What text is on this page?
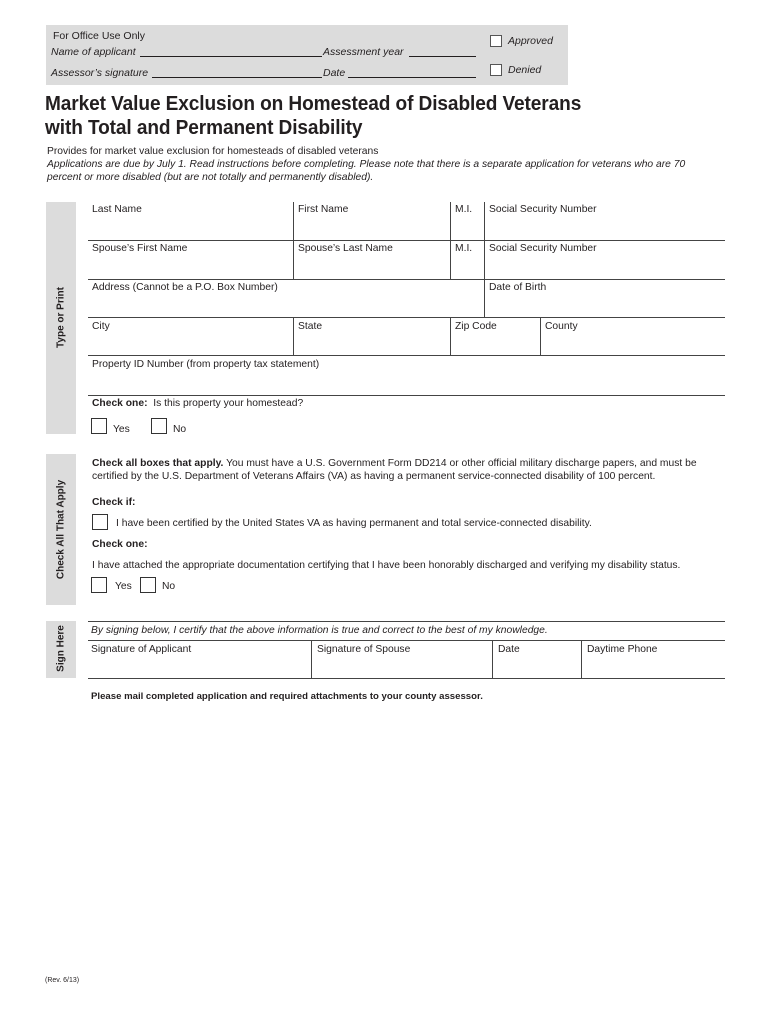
For Office Use Only
Name of applicant	Assessment year
Assessor’s signature	Date
Approved
Denied
Market Value Exclusion on Homestead of Disabled Veterans
with Total and Permanent Disability
Provides for market value exclusion for homesteads of disabled veterans
Applications are due by July 1. Read instructions before completing. Please note that there is a separate application for veterans who are 70
percent or more disabled (but are not totally and permanently disabled).
Type or Print
Last Name	First Name	M.I. Social Security Number
Spouse’s First Name	Spouse’s Last Name	M.I. Social Security Number
Address (Cannot be a P.O. Box Number)	Date of Birth
City	State	Zip Code	County
Property ID Number (from property tax statement)
Check one: Is this property your homestead?
Yes	No
Check All That Apply
Check all boxes that apply. You must have a U.S. Government Form DD214 or other official military discharge papers, and must be
certified by the U.S. Department of Veterans Affairs (VA) as having a permanent service-connected disability of 100 percent.
Check if:
I have been certified by the United States VA as having permanent and total service-connected disability.
Check one:
I have attached the appropriate documentation certifying that I have been honorably discharged and verifying my disability status.
Yes	No
Sign Here By signing below, I certify that the above information is true and correct to the best of my knowledge.
Signature of Applicant	Signature of Spouse	Date	Daytime Phone
Please mail completed application and required attachments to your county assessor.
(Rev. 6/13)
